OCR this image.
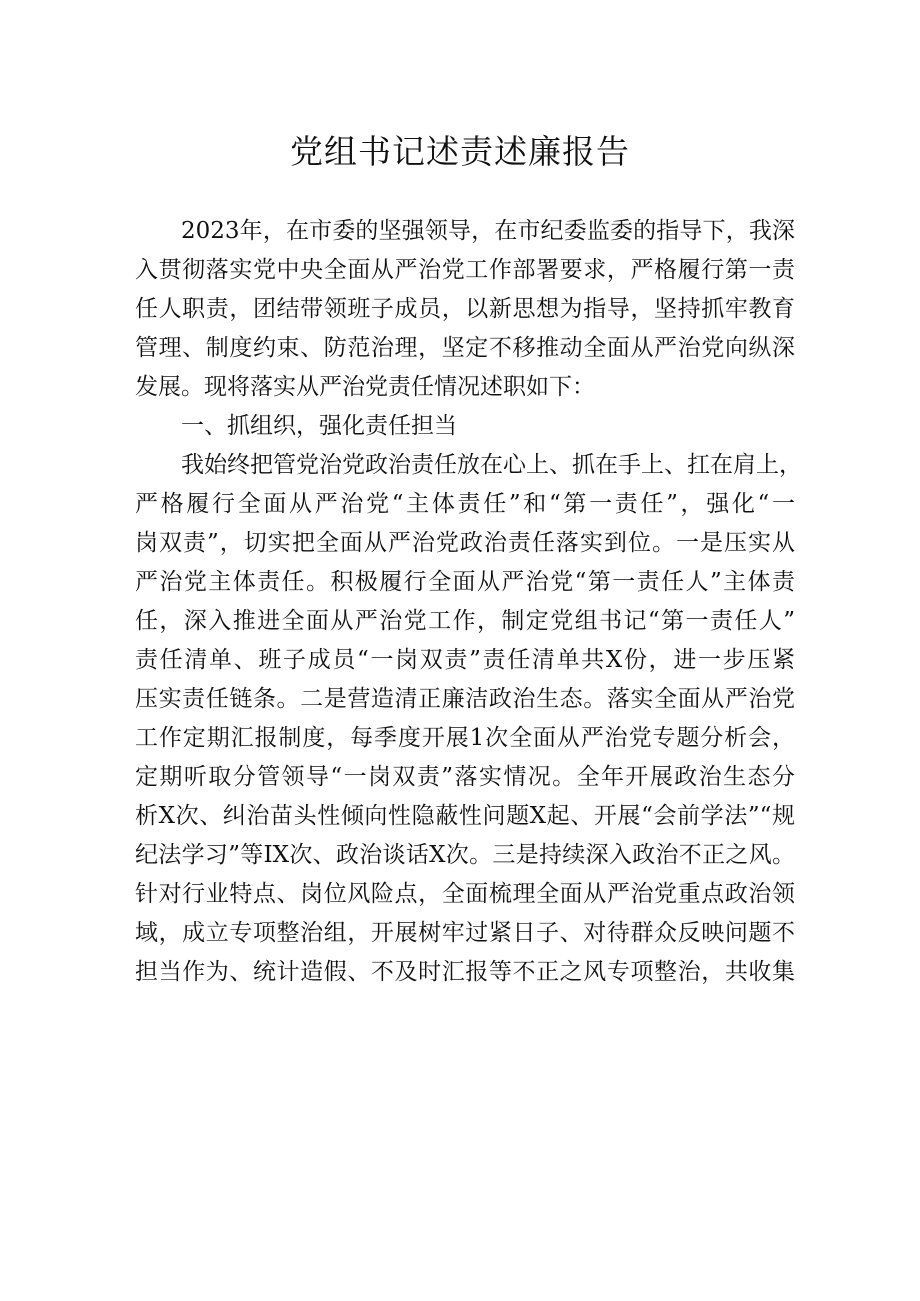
党组书记述责述廉报告
2023年，在市委的坚强领导，在市纪委监委的指导下，我深
入贯彻落实党中央全面从严治党工作部署要求，严格履行第一责
任人职责，团结带领班子成员，以新思想为指导，坚持抓牢教育
管理、制度约束、防范治理，坚定不移推动全面从严治党向纵深
发展。现将落实从严治党责任情况述职如下：
一、抓组织，强化责任担当
我始终把管党治党政治责任放在心上、抓在手上、扛在肩上，
严格履行全面从严治党“主体责任”和“第一责任”，强化“一
岗双责”，切实把全面从严治党政治责任落实到位。一是压实从
严治党主体责任。积极履行全面从严治党“第一责任人”主体责
任，深入推进全面从严治党工作，制定党组书记“第一责任人”
责任清单、班子成员“一岗双责”责任清单共X份，进一步压紧
压实责任链条。二是营造清正廉洁政治生态。落实全面从严治党
工作定期汇报制度，每季度开展1次全面从严治党专题分析会，
定期听取分管领导“一岗双责”落实情况。全年开展政治生态分
析X次、纠治苗头性倾向性隐蔽性问题X起、开展“会前学法”“规
纪法学习”等IX次、政治谈话X次。三是持续深入政治不正之风。
针对行业特点、岗位风险点，全面梳理全面从严治党重点政治领
域，成立专项整治组，开展树牢过紧日子、对待群众反映问题不
担当作为、统计造假、不及时汇报等不正之风专项整治，共收集
